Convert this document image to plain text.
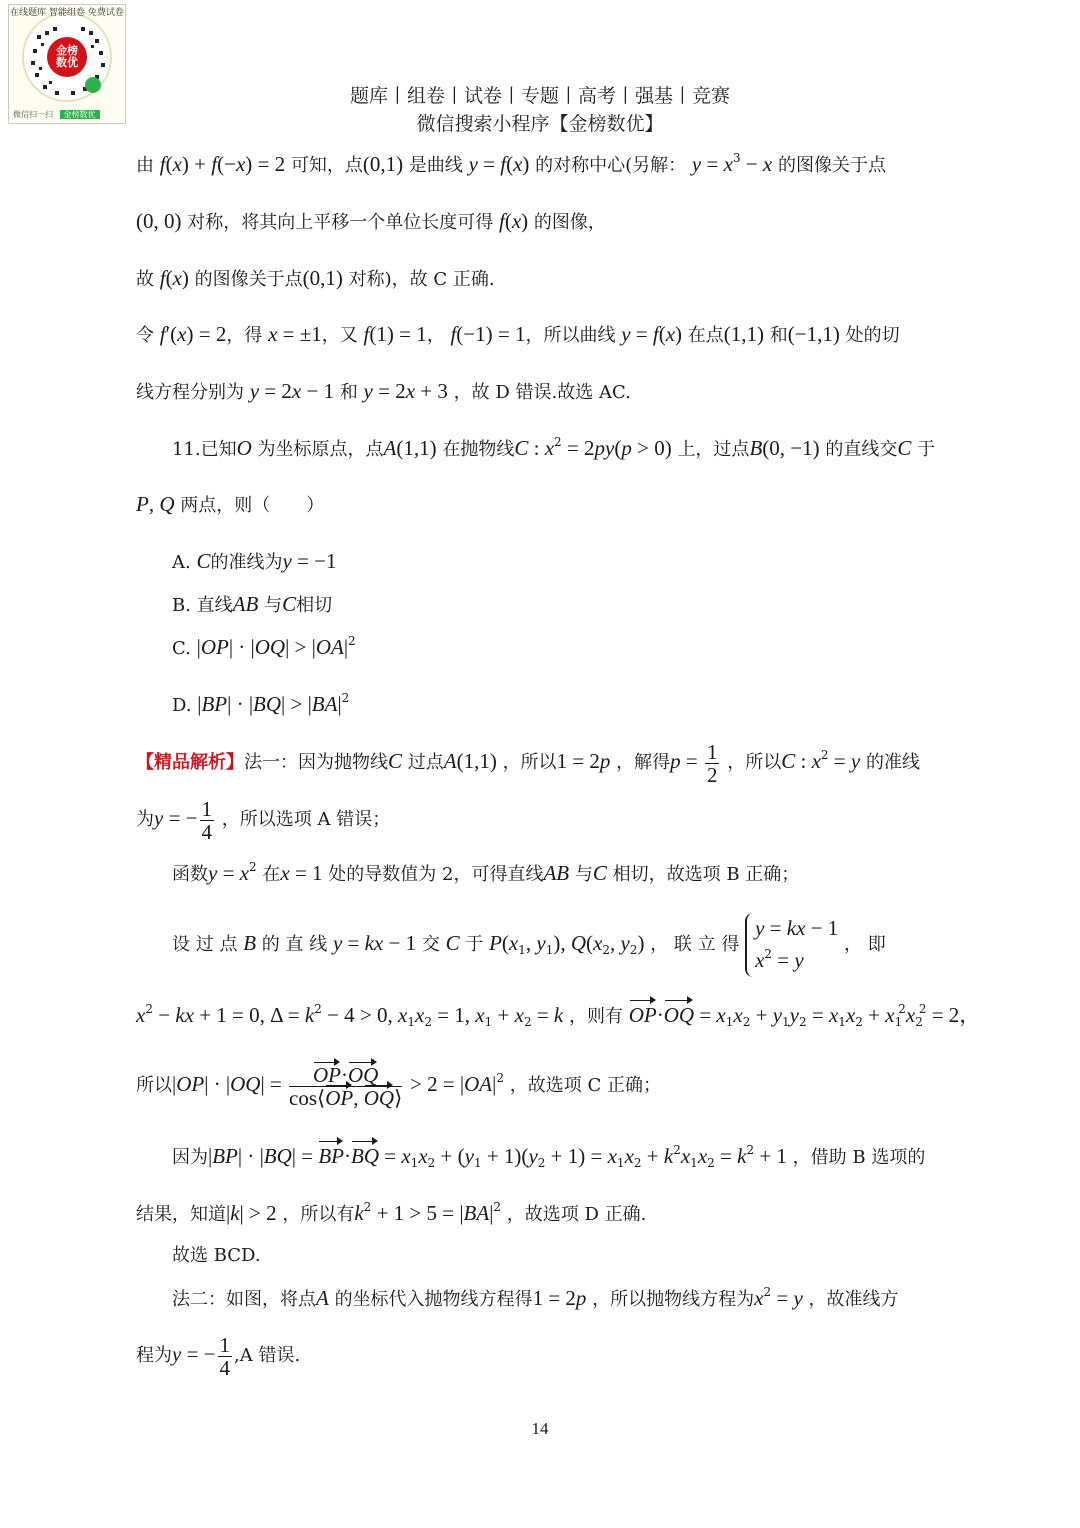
在线题库 智能组卷 免费试卷
金榜数优
微信扫一扫 金榜数优
题库丨组卷丨试卷丨专题丨高考丨强基丨竞赛
微信搜索小程序【金榜数优】
由 f(x) + f(−x) = 2 可知，点(0,1) 是曲线 y = f(x) 的对称中心(另解： $y = x^3 - x$ 的图像关于点
(0, 0) 对称，将其向上平移一个单位长度可得 f(x) 的图像，
故 f(x) 的图像关于点(0,1) 对称)，故 C 正确.
令 f′(x) = 2，得 x = ±1，又 f(1) = 1， f(−1) = 1，所以曲线 y = f(x) 在点(1,1) 和(−1,1) 处的切
线方程分别为 y = 2x − 1 和 y = 2x + 3 ，故 D 错误.故选 AC.
11.已知O 为坐标原点，点A(1,1) 在抛物线C : $x^2 = 2py(p > 0)$ 上，过点B(0, −1) 的直线交C 于
P, Q 两点，则（　　）
A. C的准线为y = −1
B. 直线AB 与C相切
C. $|OP| \cdot |OQ| > |OA|^2$
D. $|BP| \cdot |BQ| > |BA|^2$
【精品解析】法一：因为抛物线C 过点A(1,1) ，所以1 = 2p ，解得$p = \frac{1}{2}$ ，所以C : $x^2 = y$ 的准线
为y = − $\frac{1}{4}$ ，所以选项 A 错误；
函数$y = x^2$ 在x = 1 处的导数值为 2，可得直线AB 与C 相切，故选项 B 正确；
设 过 点 B 的 直 线 y = kx − 1 交 C 于 $P(x_1$, $y_1$), $Q(x_2$, $y_2$) ， 联 立 得
y = kx − 1
$x^2 = y$
， 即
$x^2$ − kx + 1 = 0, $\Delta = k^2 - 4 > 0$, $x_1x_2 = 1$, $x_1 + x_2 = k$ ，则有 $OP\cdot OQ = x_1x_2 + y_1y_2 = x_1x_2 + x_1^2x_2^2 = 2$，
所以$|OP| \cdot |OQ| = \frac{OP\cdot OQ}{\cos⟨OP, OQ⟩} > 2 = |OA|^2$ ，故选项 C 正确；
因为$|BP| \cdot |BQ| = BP\cdot BQ = x_1x_2 + (y_1 + 1)(y_2 + 1) = x_1x_2 + k^2x_1x_2 = k^2 + 1$ ，借助 B 选项的
结果，知道|k| > 2 ，所以有$k^2 + 1 > 5 = |BA|^2$ ，故选项 D 正确.
故选 BCD.
法二：如图，将点A 的坐标代入抛物线方程得1 = 2p ，所以抛物线方程为$x^2 = y$ ，故准线方
程为y = − $\frac{1}{4} ,A$ 错误.
14
